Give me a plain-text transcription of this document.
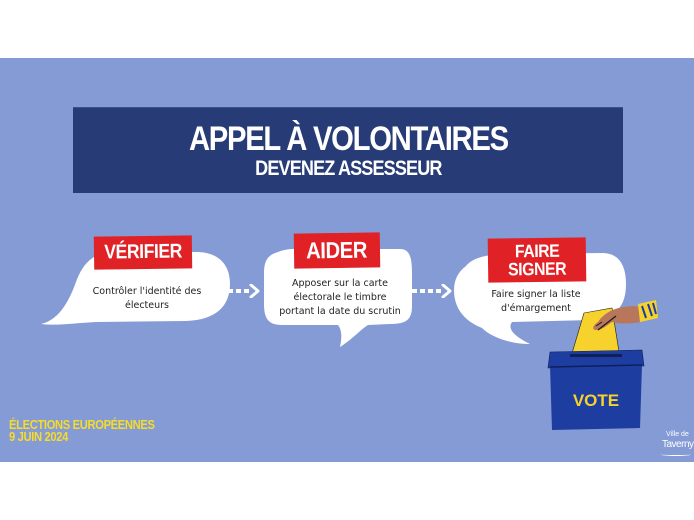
APPEL À VOLONTAIRES
DEVENEZ ASSESSEUR
VÉRIFIER
Contrôler l'identité des
électeurs
AIDER
Apposer sur la carte
électorale le timbre
portant la date du scrutin
FAIRE
SIGNER
Faire signer la liste
d'émargement
VOTE
ÉLECTIONS EUROPÉENNES
9 JUIN 2024	Ville de
Taverny
